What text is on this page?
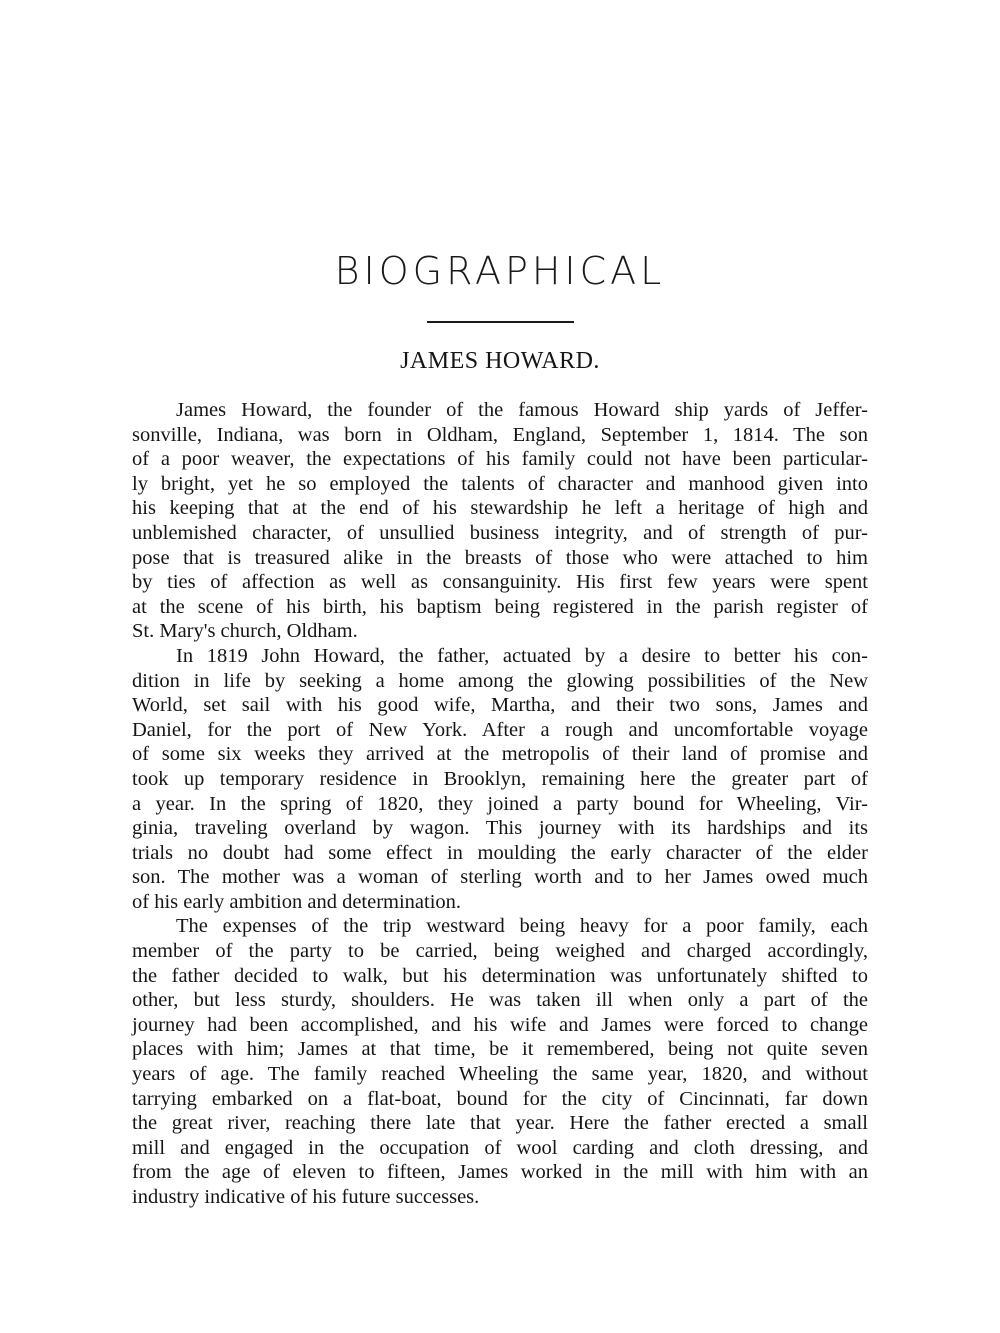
BIOGRAPHICAL
JAMES HOWARD.
James Howard, the founder of the famous Howard ship yards of Jeffer-
sonville, Indiana, was born in Oldham, England, September 1, 1814. The son
of a poor weaver, the expectations of his family could not have been particular-
ly bright, yet he so employed the talents of character and manhood given into
his keeping that at the end of his stewardship he left a heritage of high and
unblemished character, of unsullied business integrity, and of strength of pur-
pose that is treasured alike in the breasts of those who were attached to him
by ties of affection as well as consanguinity. His first few years were spent
at the scene of his birth, his baptism being registered in the parish register of
St. Mary's church, Oldham.
In 1819 John Howard, the father, actuated by a desire to better his con-
dition in life by seeking a home among the glowing possibilities of the New
World, set sail with his good wife, Martha, and their two sons, James and
Daniel, for the port of New York. After a rough and uncomfortable voyage
of some six weeks they arrived at the metropolis of their land of promise and
took up temporary residence in Brooklyn, remaining here the greater part of
a year. In the spring of 1820, they joined a party bound for Wheeling, Vir-
ginia, traveling overland by wagon. This journey with its hardships and its
trials no doubt had some effect in moulding the early character of the elder
son. The mother was a woman of sterling worth and to her James owed much
of his early ambition and determination.
The expenses of the trip westward being heavy for a poor family, each
member of the party to be carried, being weighed and charged accordingly,
the father decided to walk, but his determination was unfortunately shifted to
other, but less sturdy, shoulders. He was taken ill when only a part of the
journey had been accomplished, and his wife and James were forced to change
places with him; James at that time, be it remembered, being not quite seven
years of age. The family reached Wheeling the same year, 1820, and without
tarrying embarked on a flat-boat, bound for the city of Cincinnati, far down
the great river, reaching there late that year. Here the father erected a small
mill and engaged in the occupation of wool carding and cloth dressing, and
from the age of eleven to fifteen, James worked in the mill with him with an
industry indicative of his future successes.
